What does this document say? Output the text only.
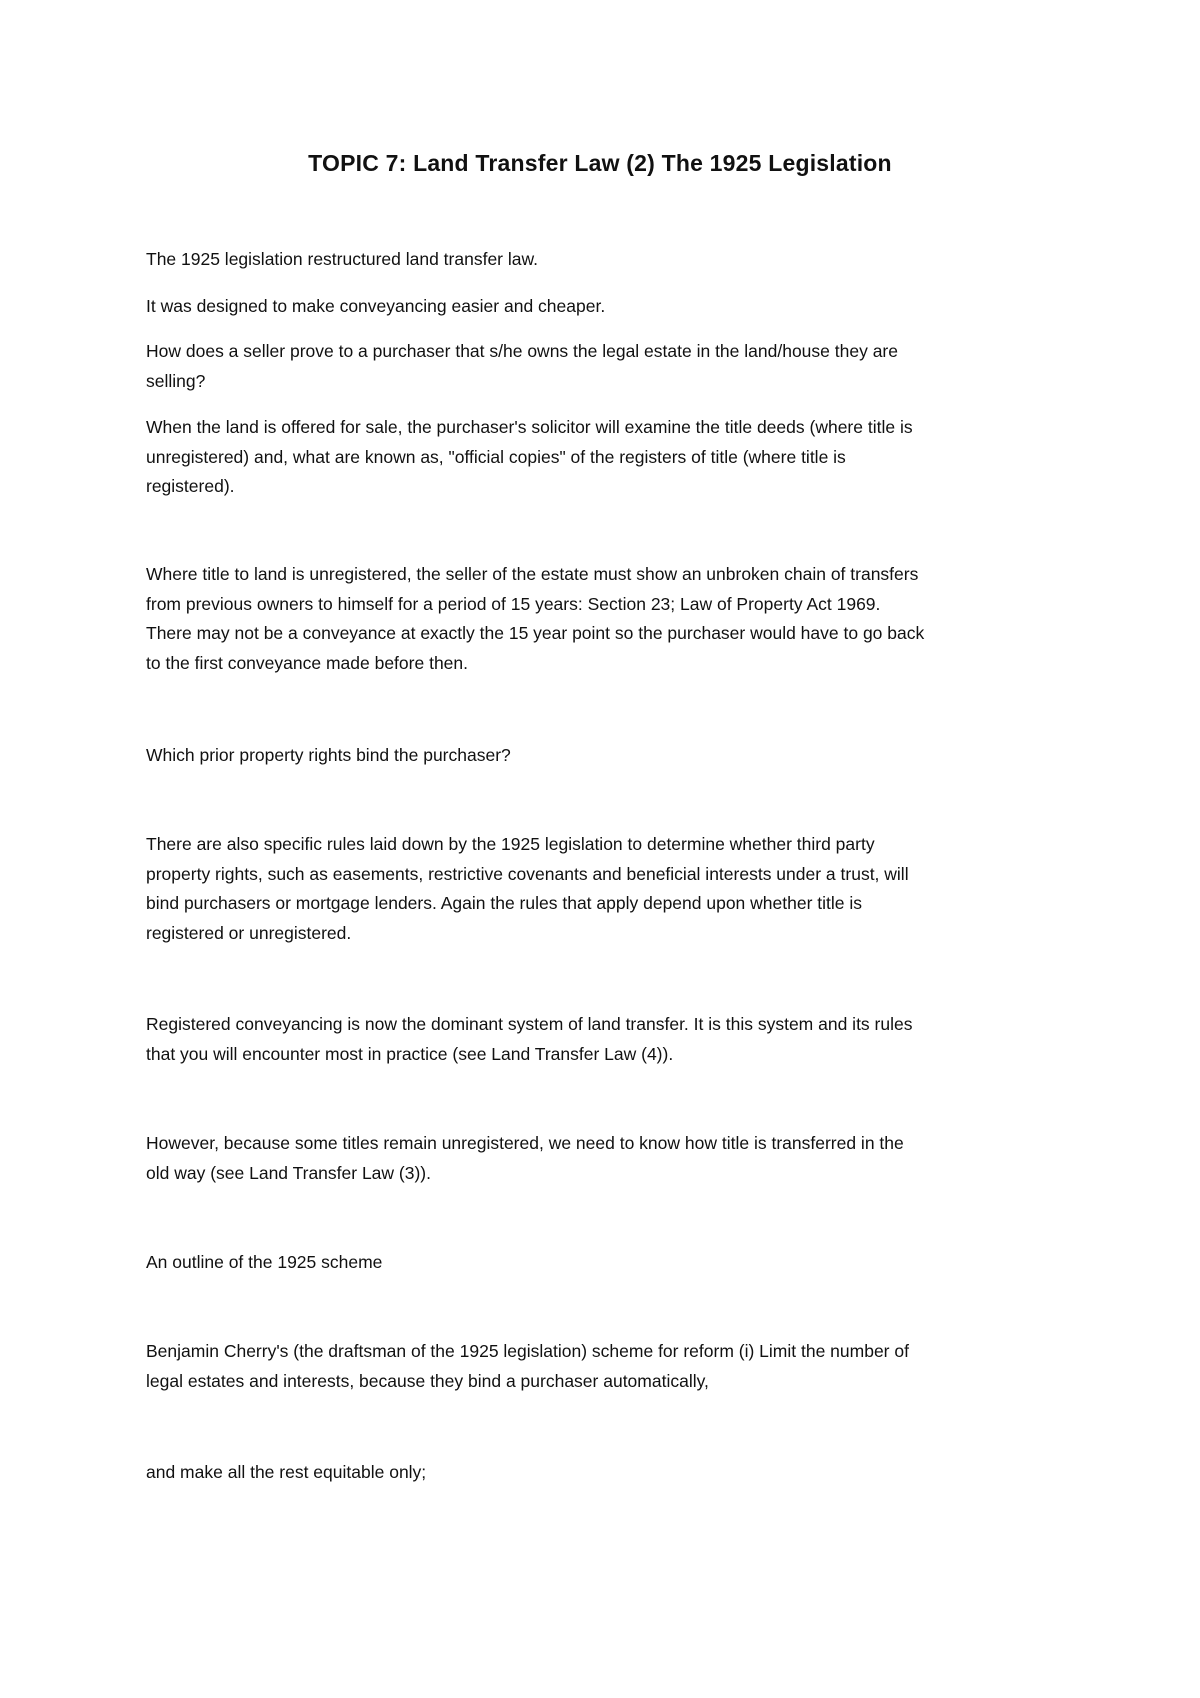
TOPIC 7: Land Transfer Law (2) The 1925 Legislation

The 1925 legislation restructured land transfer law.

It was designed to make conveyancing easier and cheaper.

How does a seller prove to a purchaser that s/he owns the legal estate in the land/house they are
selling?

When the land is offered for sale, the purchaser's solicitor will examine the title deeds (where title is
unregistered) and, what are known as, "official copies" of the registers of title (where title is
registered).

Where title to land is unregistered, the seller of the estate must show an unbroken chain of transfers
from previous owners to himself for a period of 15 years: Section 23; Law of Property Act 1969.
There may not be a conveyance at exactly the 15 year point so the purchaser would have to go back
to the first conveyance made before then.

Which prior property rights bind the purchaser?

There are also specific rules laid down by the 1925 legislation to determine whether third party
property rights, such as easements, restrictive covenants and beneficial interests under a trust, will
bind purchasers or mortgage lenders. Again the rules that apply depend upon whether title is
registered or unregistered.

Registered conveyancing is now the dominant system of land transfer. It is this system and its rules
that you will encounter most in practice (see Land Transfer Law (4)).

However, because some titles remain unregistered, we need to know how title is transferred in the
old way (see Land Transfer Law (3)).

An outline of the 1925 scheme

Benjamin Cherry's (the draftsman of the 1925 legislation) scheme for reform (i) Limit the number of
legal estates and interests, because they bind a purchaser automatically,

and make all the rest equitable only;
